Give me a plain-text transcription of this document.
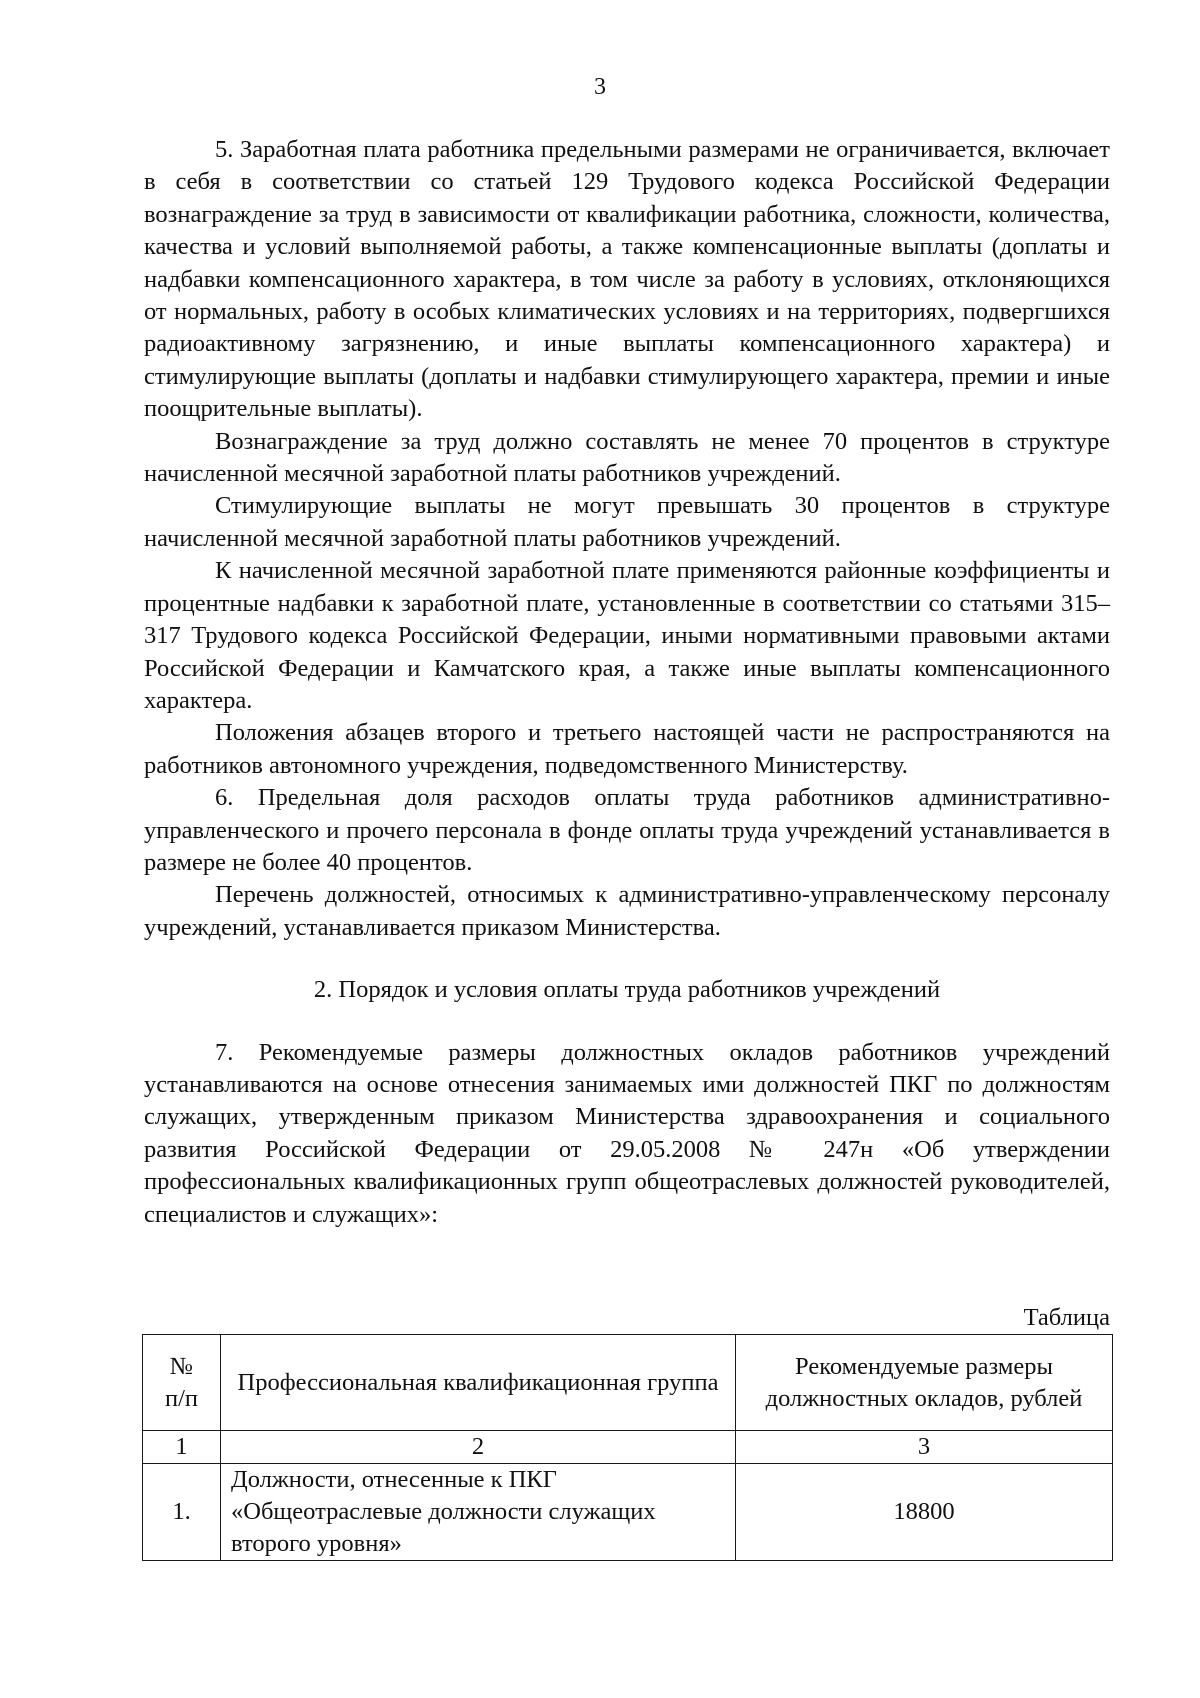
3

5. Заработная плата работника предельными размерами не ограничивается, включает в себя в соответствии со статьей 129 Трудового кодекса Российской Федерации вознаграждение за труд в зависимости от квалификации работника, сложности, количества, качества и условий выполняемой работы, а также компенсационные выплаты (доплаты и надбавки компенсационного характера, в том числе за работу в условиях, отклоняющихся от нормальных, работу в особых климатических условиях и на территориях, подвергшихся радиоактивному загрязнению, и иные выплаты компенсационного характера) и стимулирующие выплаты (доплаты и надбавки стимулирующего характера, премии и иные поощрительные выплаты).

Вознаграждение за труд должно составлять не менее 70 процентов в структуре начисленной месячной заработной платы работников учреждений.

Стимулирующие выплаты не могут превышать 30 процентов в структуре начисленной месячной заработной платы работников учреждений.

К начисленной месячной заработной плате применяются районные коэффициенты и процентные надбавки к заработной плате, установленные в соответствии со статьями 315–317 Трудового кодекса Российской Федерации, иными нормативными правовыми актами Российской Федерации и Камчатского края, а также иные выплаты компенсационного характера.

Положения абзацев второго и третьего настоящей части не распространяются на работников автономного учреждения, подведомственного Министерству.

6. Предельная доля расходов оплаты труда работников административно-управленческого и прочего персонала в фонде оплаты труда учреждений устанавливается в размере не более 40 процентов.

Перечень должностей, относимых к административно-управленческому персоналу учреждений, устанавливается приказом Министерства.

2. Порядок и условия оплаты труда работников учреждений

7. Рекомендуемые размеры должностных окладов работников учреждений устанавливаются на основе отнесения занимаемых ими должностей ПКГ по должностям служащих, утвержденным приказом Министерства здравоохранения и социального развития Российской Федерации от 29.05.2008 № 247н «Об утверждении профессиональных квалификационных групп общеотраслевых должностей руководителей, специалистов и служащих»:

Таблица
№
п/п	Профессиональная квалификационная группа	Рекомендуемые размеры должностных окладов, рублей
1	2	3
1.	Должности, отнесенные к ПКГ «Общеотраслевые должности служащих второго уровня»	18800
